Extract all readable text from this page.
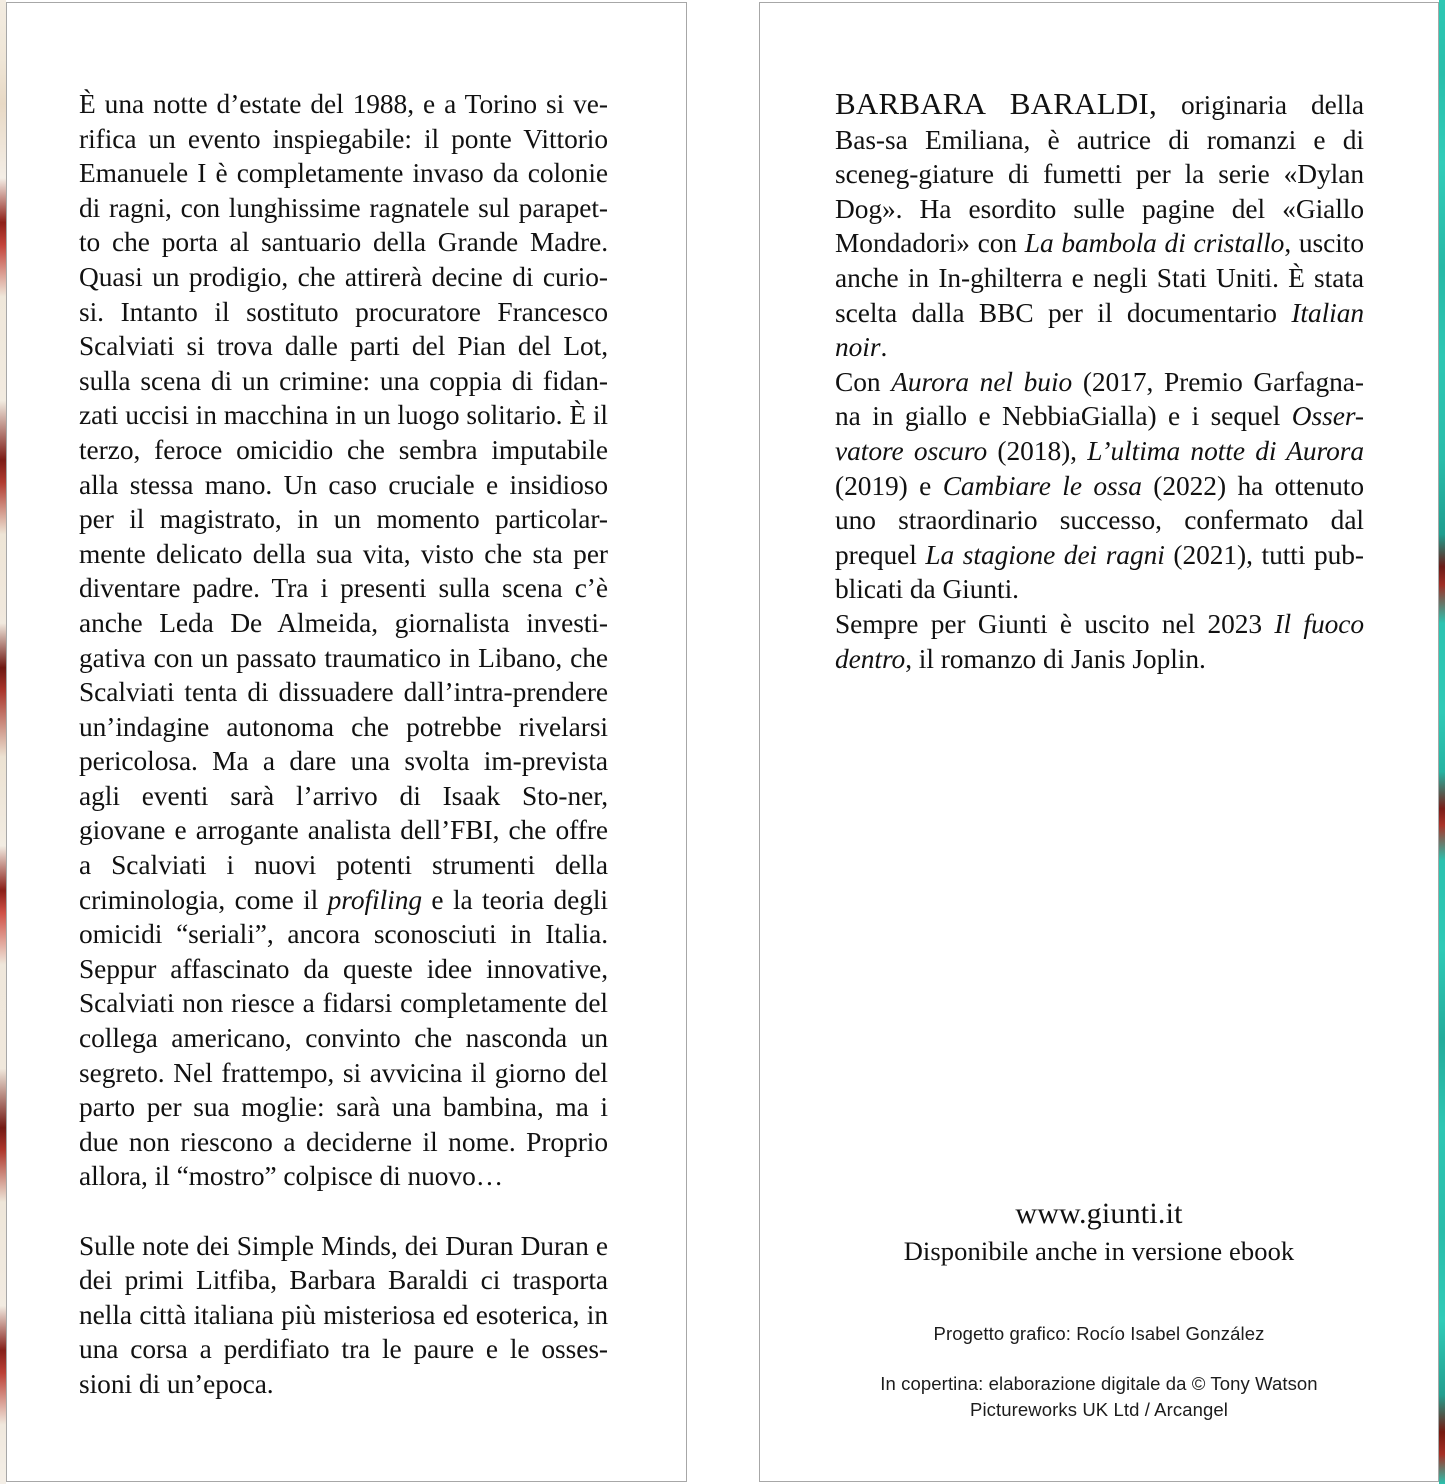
È una notte d’estate del 1988, e a Torino si ve-rifica un evento inspiegabile: il ponte Vittorio Emanuele I è completamente invaso da colonie di ragni, con lunghissime ragnatele sul parapet-to che porta al santuario della Grande Madre. Quasi un prodigio, che attirerà decine di curio-si. Intanto il sostituto procuratore Francesco Scalviati si trova dalle parti del Pian del Lot, sulla scena di un crimine: una coppia di fidan-zati uccisi in macchina in un luogo solitario. È il terzo, feroce omicidio che sembra imputabile alla stessa mano. Un caso cruciale e insidioso per il magistrato, in un momento particolar-mente delicato della sua vita, visto che sta per diventare padre. Tra i presenti sulla scena c’è anche Leda De Almeida, giornalista investi-gativa con un passato traumatico in Libano, che Scalviati tenta di dissuadere dall’intra-prendere un’indagine autonoma che potrebbe rivelarsi pericolosa. Ma a dare una svolta im-prevista agli eventi sarà l’arrivo di Isaak Sto-ner, giovane e arrogante analista dell’FBI, che offre a Scalviati i nuovi potenti strumenti della criminologia, come il profiling e la teoria degli omicidi “seriali”, ancora sconosciuti in Italia. Seppur affascinato da queste idee innovative, Scalviati non riesce a fidarsi completamente del collega americano, convinto che nasconda un segreto. Nel frattempo, si avvicina il giorno del parto per sua moglie: sarà una bambina, ma i due non riescono a deciderne il nome. Proprio allora, il “mostro” colpisce di nuovo…

Sulle note dei Simple Minds, dei Duran Duran e dei primi Litfiba, Barbara Baraldi ci trasporta nella città italiana più misteriosa ed esoterica, in una corsa a perdifiato tra le paure e le osses-sioni di un’epoca.

BARBARA BARALDI, originaria della Bas-sa Emiliana, è autrice di romanzi e di sceneg-giature di fumetti per la serie «Dylan Dog». Ha esordito sulle pagine del «Giallo Mondadori» con La bambola di cristallo, uscito anche in In-ghilterra e negli Stati Uniti. È stata scelta dalla BBC per il documentario Italian noir.

Con Aurora nel buio (2017, Premio Garfagna-na in giallo e NebbiaGialla) e i sequel Osser-vatore oscuro (2018), L’ultima notte di Aurora (2019) e Cambiare le ossa (2022) ha ottenuto uno straordinario successo, confermato dal prequel La stagione dei ragni (2021), tutti pub-blicati da Giunti.

Sempre per Giunti è uscito nel 2023 Il fuoco dentro, il romanzo di Janis Joplin.

www.giunti.it
Disponibile anche in versione ebook
Progetto grafico: Rocío Isabel González
In copertina: elaborazione digitale da © Tony Watson
Pictureworks UK Ltd / Arcangel
